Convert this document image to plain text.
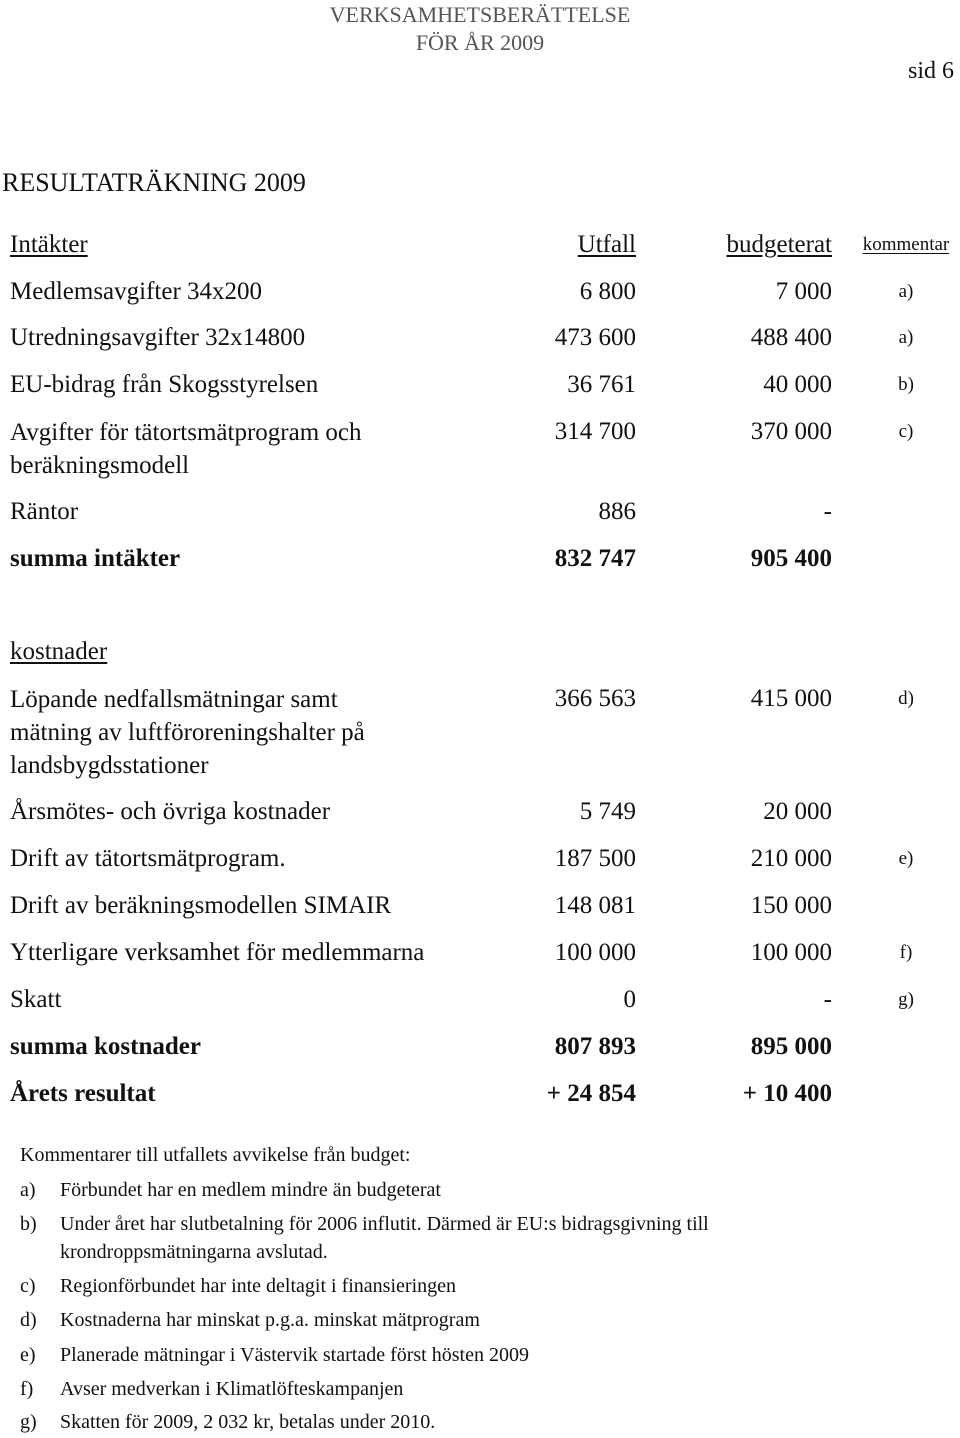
VERKSAMHETSBERÄTTELSE
FÖR ÅR 2009
sid 6
RESULTATRÄKNING 2009
Intäkter	Utfall	budgeterat	kommentar
Medlemsavgifter 34x200	6 800	7 000	a)
Utredningsavgifter 32x14800	473 600	488 400	a)
EU-bidrag från Skogsstyrelsen	36 761	40 000	b)
Avgifter för tätortsmätprogram och
beräkningsmodell
314 700	370 000	c)
Räntor	886	-
summa intäkter	832 747	905 400
kostnader
Löpande nedfallsmätningar samt
mätning av luftföroreningshalter på
landsbygdsstationer
366 563	415 000	d)
Årsmötes- och övriga kostnader	5 749	20 000
Drift av tätortsmätprogram.	187 500	210 000	e)
Drift av beräkningsmodellen SIMAIR	148 081	150 000
Ytterligare verksamhet för medlemmarna	100 000	100 000	f)
Skatt	0	-	g)
summa kostnader	807 893	895 000
Årets resultat	+ 24 854	+ 10 400
Kommentarer till utfallets avvikelse från budget:
a) Förbundet har en medlem mindre än budgeterat
b) Under året har slutbetalning för 2006 influtit. Därmed är EU:s bidragsgivning till krondroppsmätningarna avslutad.
c) Regionförbundet har inte deltagit i finansieringen
d) Kostnaderna har minskat p.g.a. minskat mätprogram
e) Planerade mätningar i Västervik startade först hösten 2009
f) Avser medverkan i Klimatlöfteskampanjen
g) Skatten för 2009, 2 032 kr, betalas under 2010.
